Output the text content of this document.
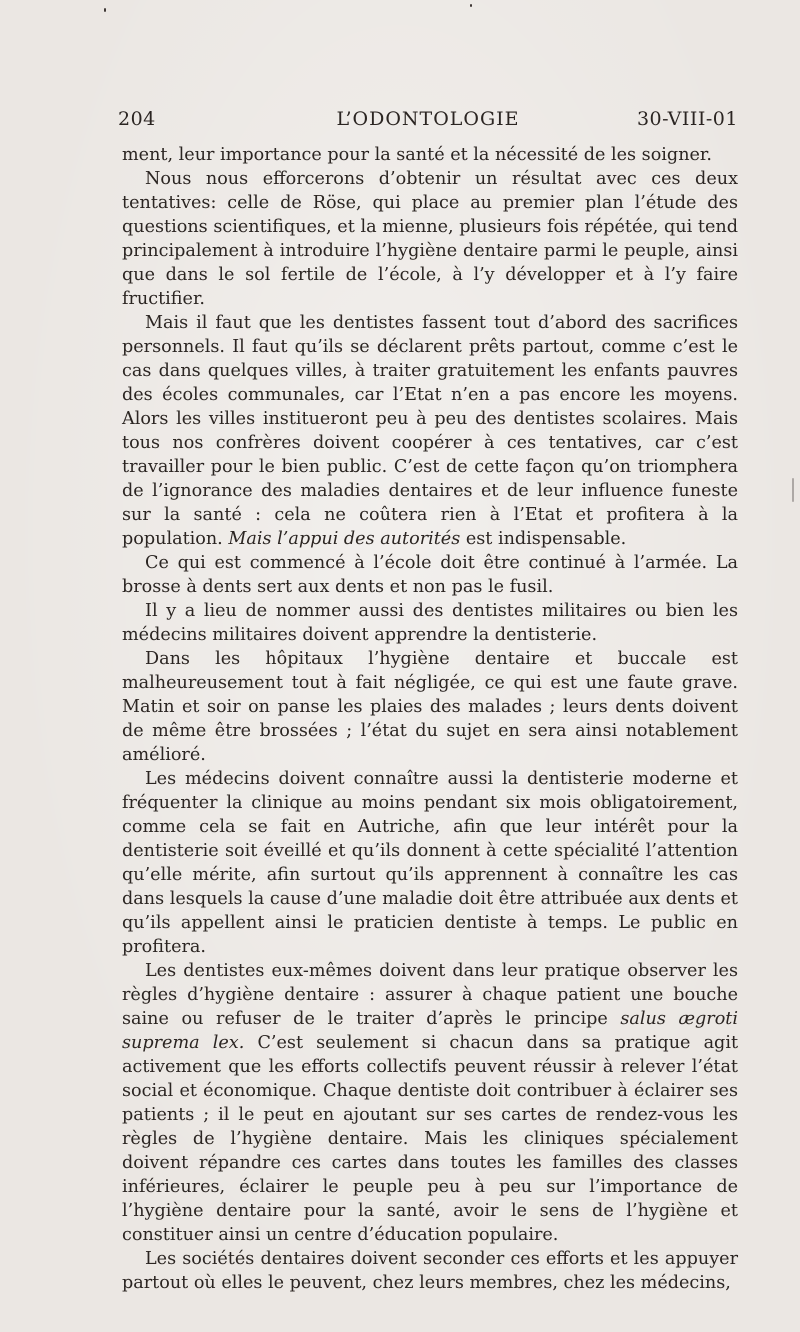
204	L’ODONTOLOGIE	30-VIII-01

ment, leur importance pour la santé et la nécessité de les soigner.

Nous nous efforcerons d’obtenir un résultat avec ces deux tentatives: celle de Röse, qui place au premier plan l’étude des questions scientifiques, et la mienne, plusieurs fois répétée, qui tend principalement à introduire l’hygiène dentaire parmi le peuple, ainsi que dans le sol fertile de l’école, à l’y développer et à l’y faire fructifier.

Mais il faut que les dentistes fassent tout d’abord des sacrifices personnels. Il faut qu’ils se déclarent prêts partout, comme c’est le cas dans quelques villes, à traiter gratuitement les enfants pauvres des écoles communales, car l’Etat n’en a pas encore les moyens. Alors les villes institueront peu à peu des dentistes scolaires. Mais tous nos confrères doivent coopérer à ces tentatives, car c’est travailler pour le bien public. C’est de cette façon qu’on triomphera de l’ignorance des maladies dentaires et de leur influence funeste sur la santé : cela ne coûtera rien à l’Etat et profitera à la population. Mais l’appui des autorités est indispensable.

Ce qui est commencé à l’école doit être continué à l’armée. La brosse à dents sert aux dents et non pas le fusil.

Il y a lieu de nommer aussi des dentistes militaires ou bien les médecins militaires doivent apprendre la dentisterie.

Dans les hôpitaux l’hygiène dentaire et buccale est malheureusement tout à fait négligée, ce qui est une faute grave. Matin et soir on panse les plaies des malades ; leurs dents doivent de même être brossées ; l’état du sujet en sera ainsi notablement amélioré.

Les médecins doivent connaître aussi la dentisterie moderne et fréquenter la clinique au moins pendant six mois obligatoirement, comme cela se fait en Autriche, afin que leur intérêt pour la dentisterie soit éveillé et qu’ils donnent à cette spécialité l’attention qu’elle mérite, afin surtout qu’ils apprennent à connaître les cas dans lesquels la cause d’une maladie doit être attribuée aux dents et qu’ils appellent ainsi le praticien dentiste à temps. Le public en profitera.

Les dentistes eux-mêmes doivent dans leur pratique observer les règles d’hygiène dentaire : assurer à chaque patient une bouche saine ou refuser de le traiter d’après le principe salus ægroti suprema lex. C’est seulement si chacun dans sa pratique agit activement que les efforts collectifs peuvent réussir à relever l’état social et économique. Chaque dentiste doit contribuer à éclairer ses patients ; il le peut en ajoutant sur ses cartes de rendez-vous les règles de l’hygiène dentaire. Mais les cliniques spécialement doivent répandre ces cartes dans toutes les familles des classes inférieures, éclairer le peuple peu à peu sur l’importance de l’hygiène dentaire pour la santé, avoir le sens de l’hygiène et constituer ainsi un centre d’éducation populaire.

Les sociétés dentaires doivent seconder ces efforts et les appuyer partout où elles le peuvent, chez leurs membres, chez les médecins,
